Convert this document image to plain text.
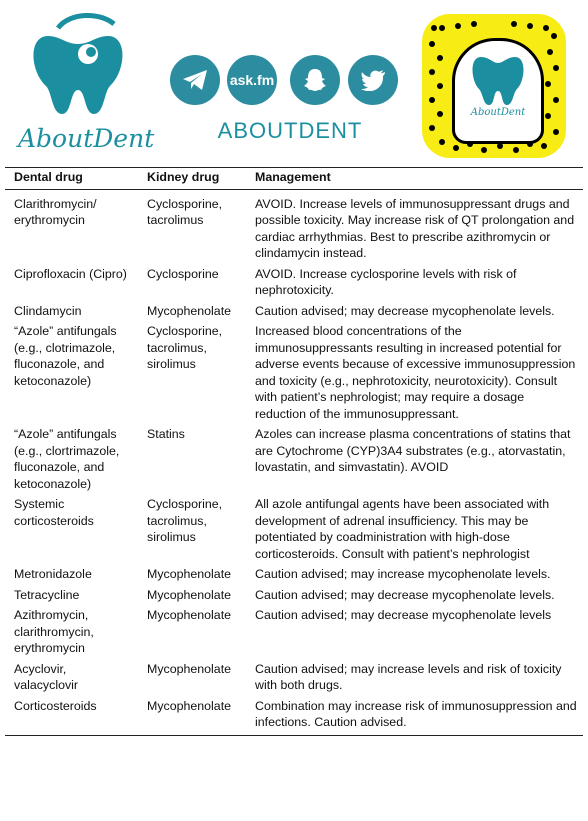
AboutDent
ask.fm
ABOUTDENT
AboutDent
Dental drug	Kidney drug	Management
Clarithromycin/ erythromycin	Cyclosporine, tacrolimus	AVOID. Increase levels of immunosuppressant drugs and possible toxicity. May increase risk of QT prolongation and cardiac arrhythmias. Best to prescribe azithromycin or clindamycin instead.
Ciprofloxacin (Cipro)	Cyclosporine	AVOID. Increase cyclosporine levels with risk of nephrotoxicity.
Clindamycin	Mycophenolate	Caution advised; may decrease mycophenolate levels.
“Azole” antifungals (e.g., clotrimazole, fluconazole, and ketoconazole)	Cyclosporine, tacrolimus, sirolimus	Increased blood concentrations of the immunosuppressants resulting in increased potential for adverse events because of excessive immunosuppression and toxicity (e.g., nephrotoxicity, neurotoxicity). Consult with patient’s nephrologist; may require a dosage reduction of the immunosuppressant.
“Azole” antifungals (e.g., clortrimazole, fluconazole, and ketoconazole)	Statins	Azoles can increase plasma concentrations of statins that are Cytochrome (CYP)3A4 substrates (e.g., atorvastatin, lovastatin, and simvastatin). AVOID
Systemic corticosteroids	Cyclosporine, tacrolimus, sirolimus	All azole antifungal agents have been associated with development of adrenal insufficiency. This may be potentiated by coadministration with high-dose corticosteroids. Consult with patient’s nephrologist
Metronidazole	Mycophenolate	Caution advised; may increase mycophenolate levels.
Tetracycline	Mycophenolate	Caution advised; may decrease mycophenolate levels.
Azithromycin, clarithromycin, erythromycin	Mycophenolate	Caution advised; may decrease mycophenolate levels
Acyclovir, valacyclovir	Mycophenolate	Caution advised; may increase levels and risk of toxicity with both drugs.
Corticosteroids	Mycophenolate	Combination may increase risk of immunosuppression and infections. Caution advised.
